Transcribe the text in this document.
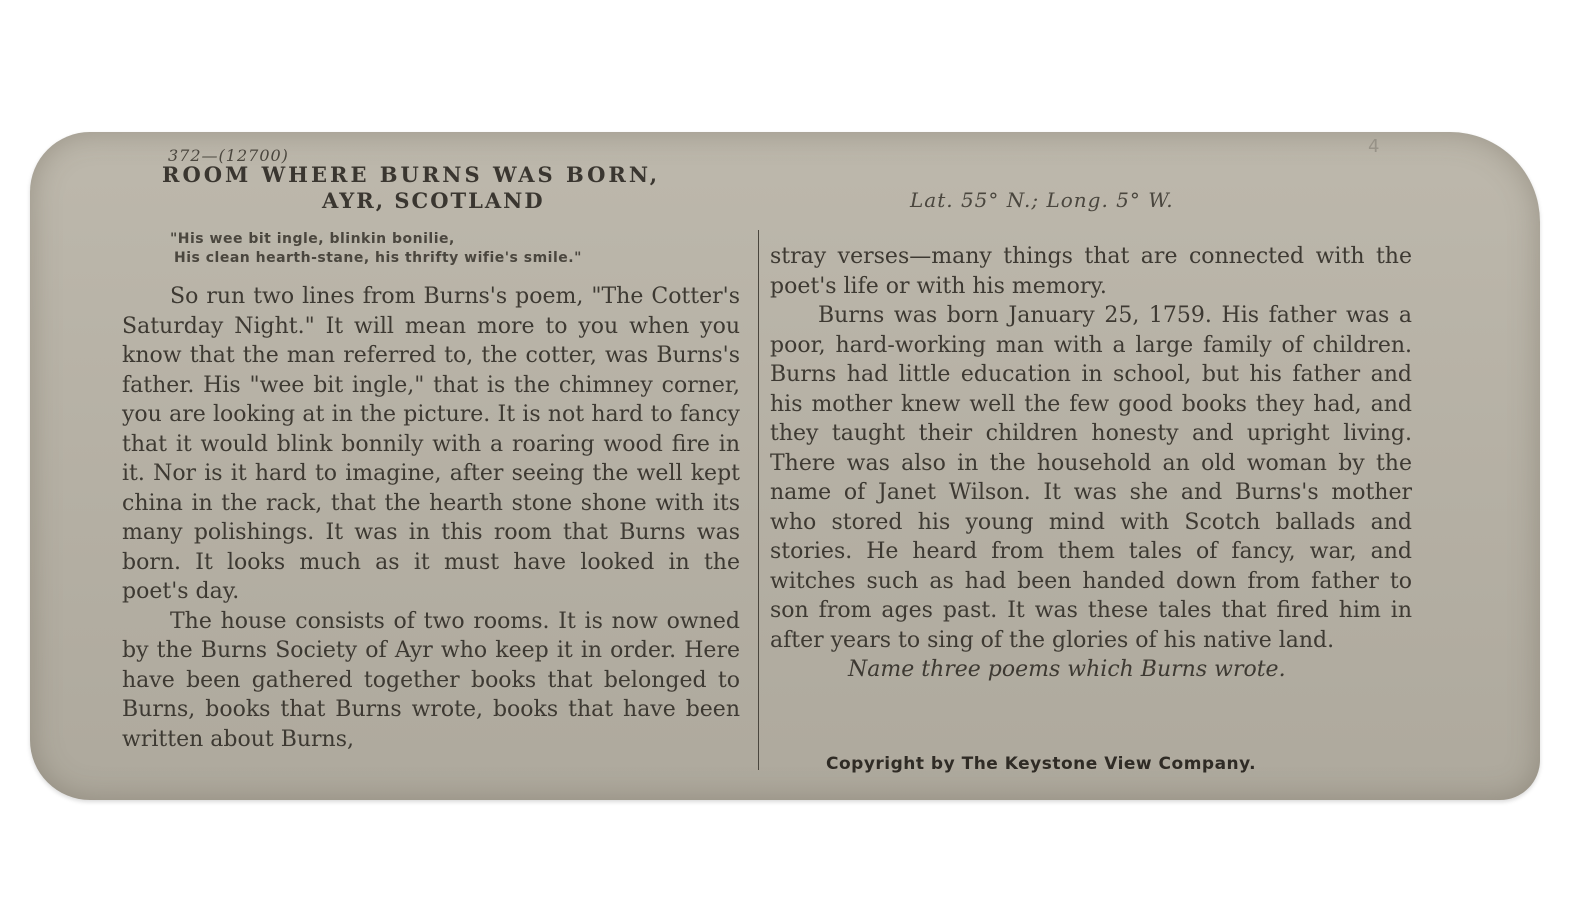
4
372—(12700)
ROOM WHERE BURNS WAS BORN,
AYR, SCOTLAND	Lat. 55° N.; Long. 5° W.
"His wee bit ingle, blinkin bonilie,
His clean hearth-stane, his thrifty wifie's smile."

So run two lines from Burns's poem, "The Cotter's Saturday Night." It will mean more to you when you know that the man referred to, the cotter, was Burns's father. His "wee bit ingle," that is the chimney corner, you are looking at in the picture. It is not hard to fancy that it would blink bonnily with a roaring wood fire in it. Nor is it hard to imagine, after seeing the well kept china in the rack, that the hearth stone shone with its many polishings. It was in this room that Burns was born. It looks much as it must have looked in the poet's day.

The house consists of two rooms. It is now owned by the Burns Society of Ayr who keep it in order. Here have been gathered together books that belonged to Burns, books that Burns wrote, books that have been written about Burns,

stray verses—many things that are connected with the poet's life or with his memory.

Burns was born January 25, 1759. His father was a poor, hard-working man with a large family of children. Burns had little education in school, but his father and his mother knew well the few good books they had, and they taught their children honesty and upright living. There was also in the household an old woman by the name of Janet Wilson. It was she and Burns's mother who stored his young mind with Scotch ballads and stories. He heard from them tales of fancy, war, and witches such as had been handed down from father to son from ages past. It was these tales that fired him in after years to sing of the glories of his native land.

Name three poems which Burns wrote.

Copyright by The Keystone View Company.
